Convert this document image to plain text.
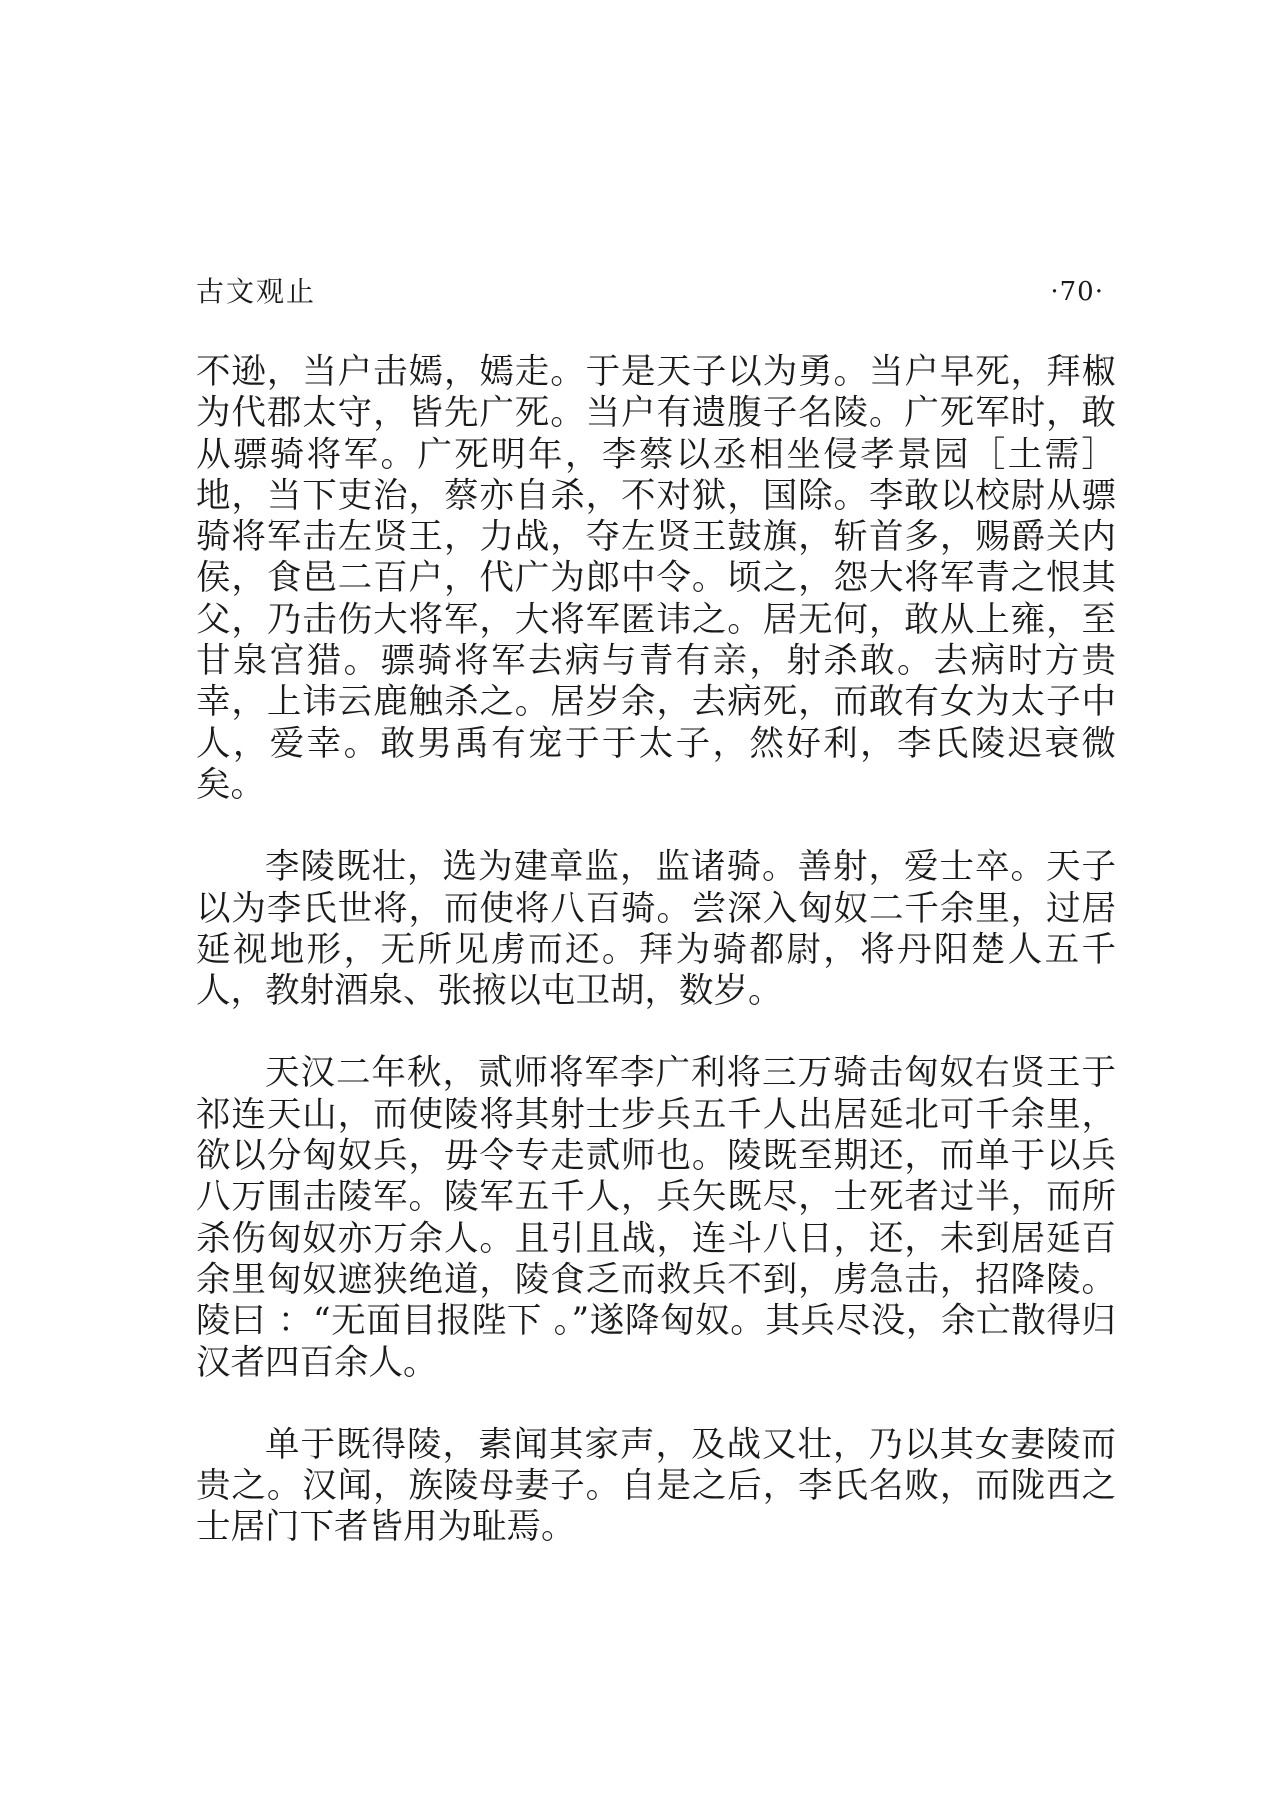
古文观止	·70·

不逊，当户击嫣，嫣走。于是天子以为勇。当户早死，拜椒为代郡太守，皆先广死。当户有遗腹子名陵。广死军时，敢从骠骑将军。广死明年，李蔡以丞相坐侵孝景园［土需］地，当下吏治，蔡亦自杀，不对狱，国除。李敢以校尉从骠骑将军击左贤王，力战，夺左贤王鼓旗，斩首多，赐爵关内侯，食邑二百户，代广为郎中令。顷之，怨大将军青之恨其父，乃击伤大将军，大将军匿讳之。居无何，敢从上雍，至甘泉宫猎。骠骑将军去病与青有亲，射杀敢。去病时方贵幸，上讳云鹿触杀之。居岁余，去病死，而敢有女为太子中人，爱幸。敢男禹有宠于于太子，然好利，李氏陵迟衰微矣。

李陵既壮，选为建章监，监诸骑。善射，爱士卒。天子以为李氏世将，而使将八百骑。尝深入匈奴二千余里，过居延视地形，无所见虏而还。拜为骑都尉，将丹阳楚人五千人，教射酒泉、张掖以屯卫胡，数岁。

天汉二年秋，贰师将军李广利将三万骑击匈奴右贤王于祁连天山，而使陵将其射士步兵五千人出居延北可千余里，欲以分匈奴兵，毋令专走贰师也。陵既至期还，而单于以兵八万围击陵军。陵军五千人，兵矢既尽，士死者过半，而所杀伤匈奴亦万余人。且引且战，连斗八日，还，未到居延百余里匈奴遮狭绝道，陵食乏而救兵不到，虏急击，招降陵。陵曰 ：“无面目报陛下 。”遂降匈奴。其兵尽没，余亡散得归汉者四百余人。

单于既得陵，素闻其家声，及战又壮，乃以其女妻陵而贵之。汉闻，族陵母妻子。自是之后，李氏名败，而陇西之士居门下者皆用为耻焉。
